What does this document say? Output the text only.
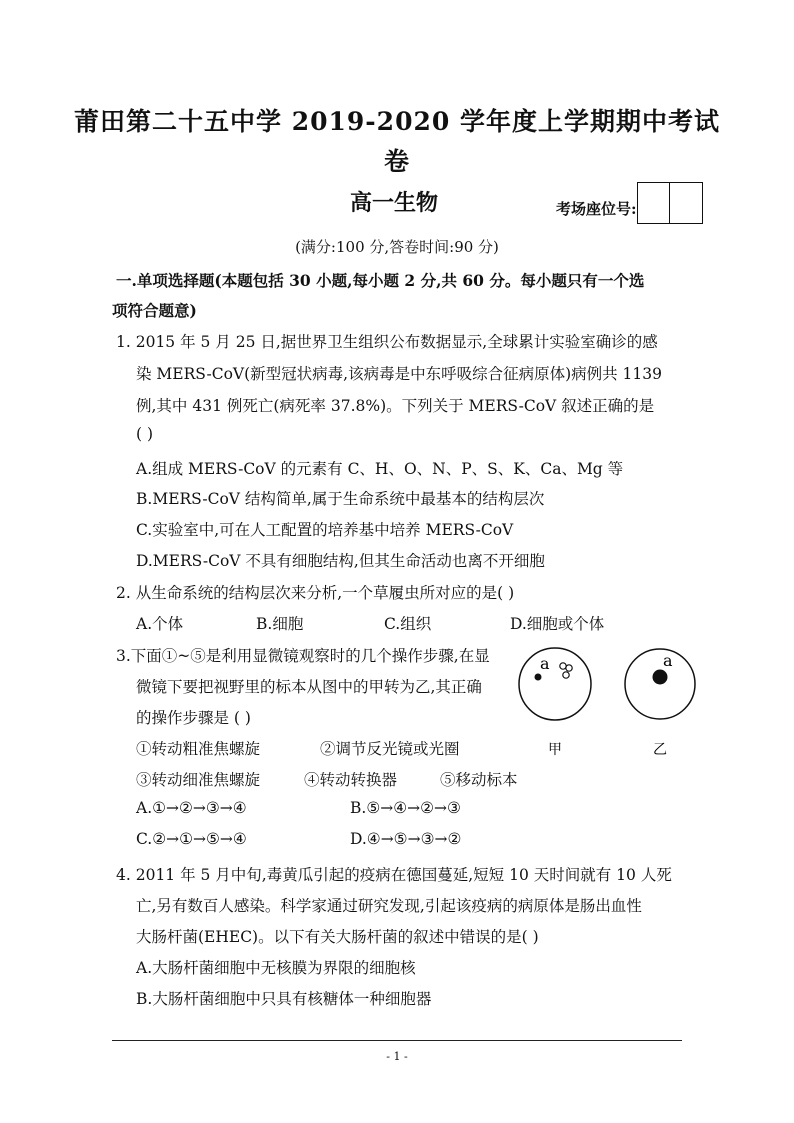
莆田第二十五中学 2019-2020 学年度上学期期中考试
卷
高一生物	考场座位号:
(满分:100 分,答卷时间:90 分)
一.单项选择题(本题包括 30 小题,每小题 2 分,共 60 分。每小题只有一个选
项符合题意)
1. 2015 年 5 月 25 日,据世界卫生组织公布数据显示,全球累计实验室确诊的感
染 MERS-CoV(新型冠状病毒,该病毒是中东呼吸综合征病原体)病例共 1139
例,其中 431 例死亡(病死率 37.8%)。下列关于 MERS-CoV 叙述正确的是
( )
A.组成 MERS-CoV 的元素有 C、H、O、N、P、S、K、Ca、Mg 等
B.MERS-CoV 结构简单,属于生命系统中最基本的结构层次
C.实验室中,可在人工配置的培养基中培养 MERS-CoV
D.MERS-CoV 不具有细胞结构,但其生命活动也离不开细胞
2. 从生命系统的结构层次来分析,一个草履虫所对应的是( )
A.个体	B.细胞	C.组织	D.细胞或个体
3.下面①~⑤是利用显微镜观察时的几个操作步骤,在显
微镜下要把视野里的标本从图中的甲转为乙,其正确
的操作步骤是 ( )
①转动粗准焦螺旋	②调节反光镜或光圈
③转动细准焦螺旋	④转动转换器	⑤移动标本
A.①→②→③→④	B.⑤→④→②→③
C.②→①→⑤→④	D.④→⑤→③→②
a
甲
a
乙
4. 2011 年 5 月中旬,毒黄瓜引起的疫病在德国蔓延,短短 10 天时间就有 10 人死
亡,另有数百人感染。科学家通过研究发现,引起该疫病的病原体是肠出血性
大肠杆菌(EHEC)。以下有关大肠杆菌的叙述中错误的是( )
A.大肠杆菌细胞中无核膜为界限的细胞核
B.大肠杆菌细胞中只具有核糖体一种细胞器
- 1 -
